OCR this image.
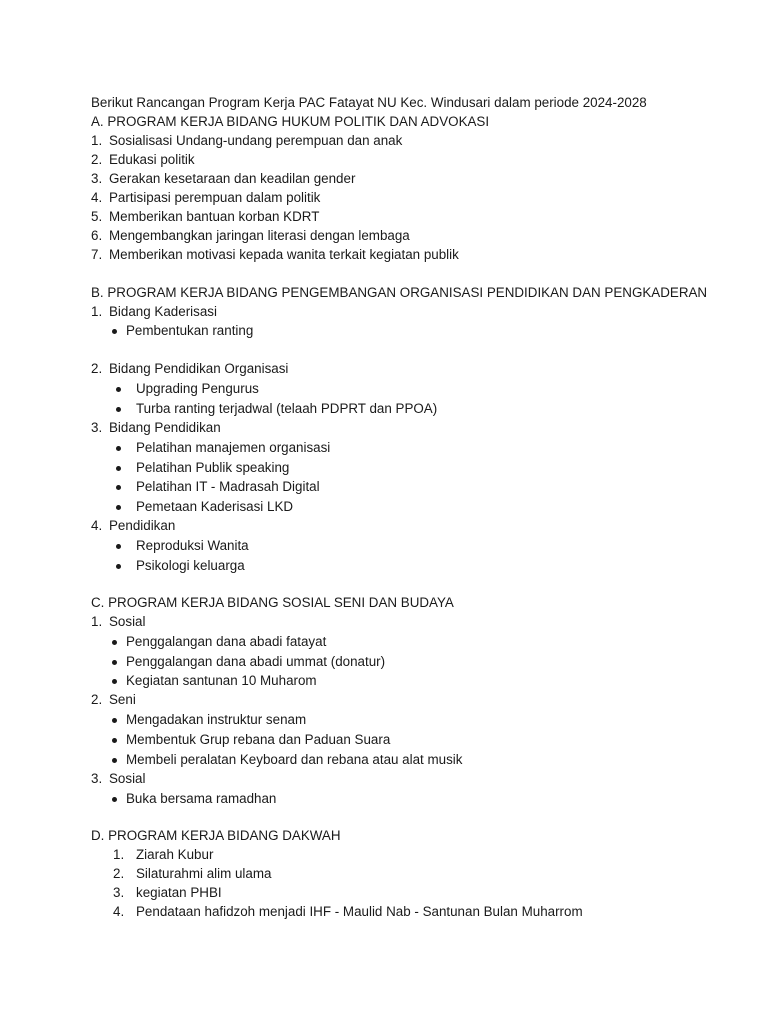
Berikut Rancangan Program Kerja PAC Fatayat NU Kec. Windusari dalam periode 2024-2028
A. PROGRAM KERJA BIDANG HUKUM POLITIK DAN ADVOKASI
1. Sosialisasi Undang-undang perempuan dan anak
2. Edukasi politik
3. Gerakan kesetaraan dan keadilan gender
4. Partisipasi perempuan dalam politik
5. Memberikan bantuan korban KDRT
6. Mengembangkan jaringan literasi dengan lembaga
7. Memberikan motivasi kepada wanita terkait kegiatan publik
B. PROGRAM KERJA BIDANG PENGEMBANGAN ORGANISASI PENDIDIKAN DAN PENGKADERAN
1. Bidang Kaderisasi
Pembentukan ranting
2. Bidang Pendidikan Organisasi
Upgrading Pengurus
Turba ranting terjadwal (telaah PDPRT dan PPOA)
3. Bidang Pendidikan
Pelatihan manajemen organisasi
Pelatihan Publik speaking
Pelatihan IT - Madrasah Digital
Pemetaan Kaderisasi LKD
4. Pendidikan
Reproduksi Wanita
Psikologi keluarga
C. PROGRAM KERJA BIDANG SOSIAL SENI DAN BUDAYA
1. Sosial
Penggalangan dana abadi fatayat
Penggalangan dana abadi ummat (donatur)
Kegiatan santunan 10 Muharom
2. Seni
Mengadakan instruktur senam
Membentuk Grup rebana dan Paduan Suara
Membeli peralatan Keyboard dan rebana atau alat musik
3. Sosial
Buka bersama ramadhan
D. PROGRAM KERJA BIDANG DAKWAH
1. Ziarah Kubur
2. Silaturahmi alim ulama
3. kegiatan PHBI
4. Pendataan hafidzoh menjadi IHF - Maulid Nab - Santunan Bulan Muharrom
